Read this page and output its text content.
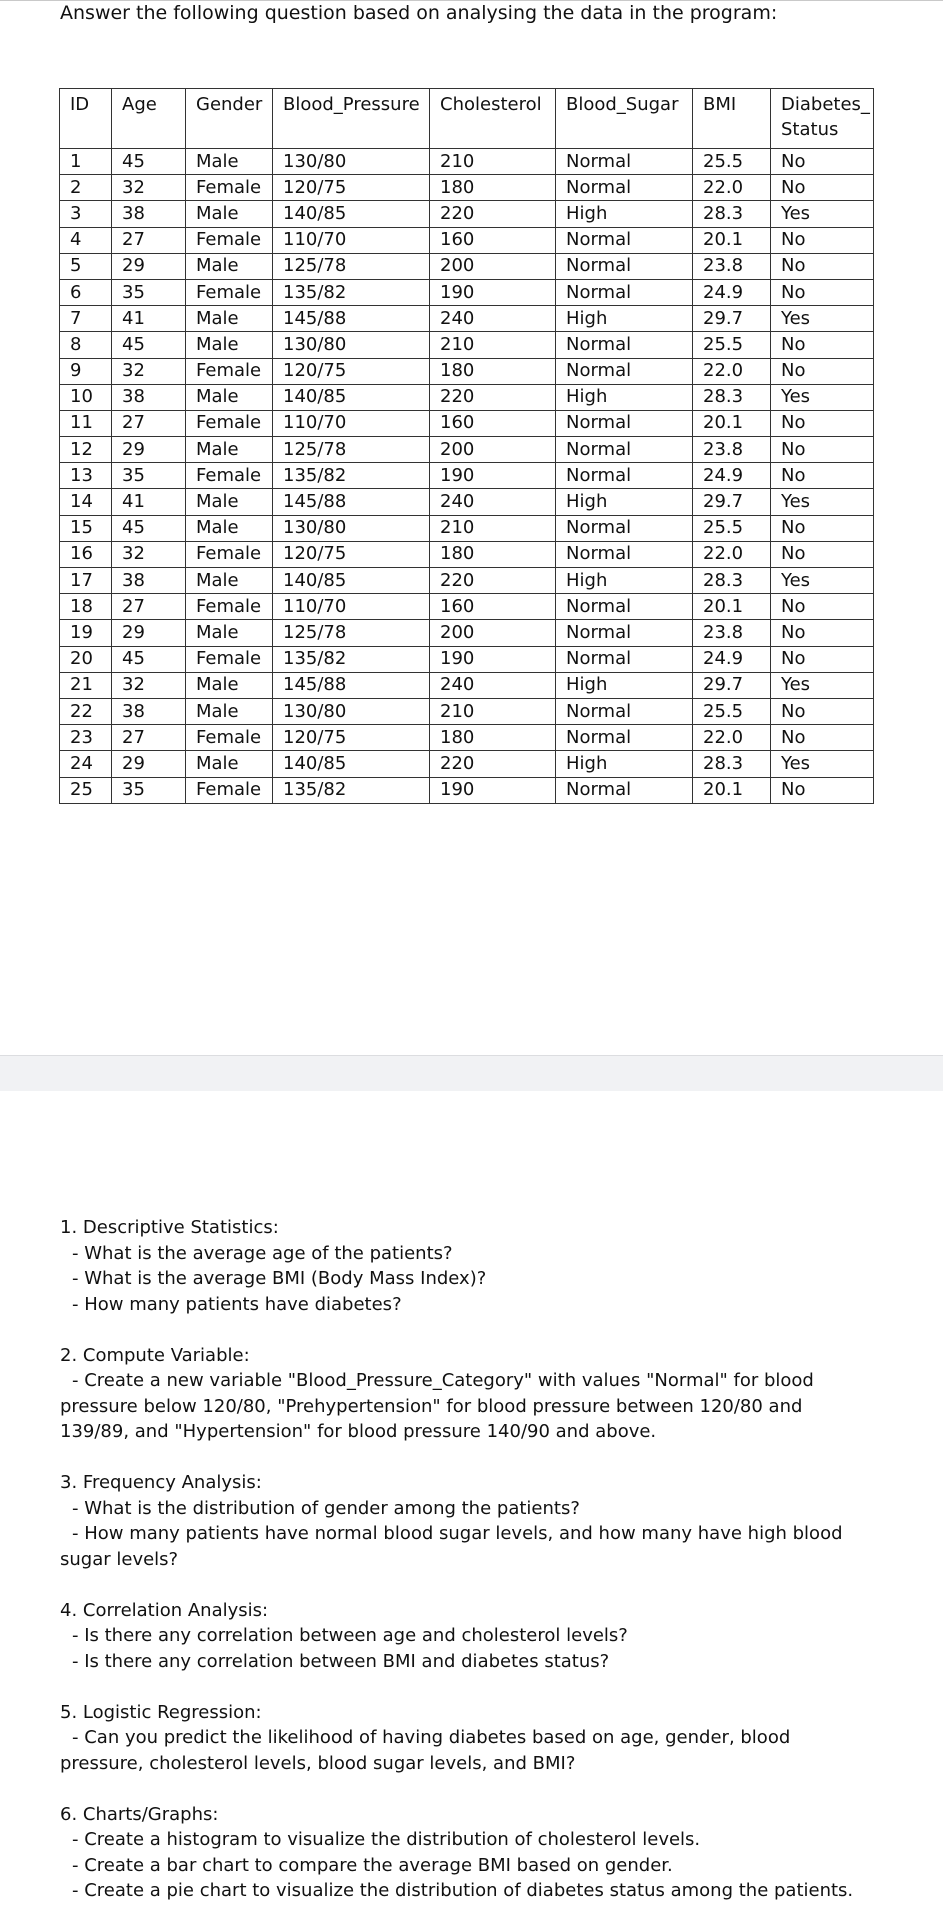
Answer the following question based on analysing the data in the program:
ID	Age	Gender	Blood_Pressure	Cholesterol	Blood_Sugar	BMI	Diabetes_ Status
1	45	Male	130/80	210	Normal	25.5	No
2	32	Female	120/75	180	Normal	22.0	No
3	38	Male	140/85	220	High	28.3	Yes
4	27	Female	110/70	160	Normal	20.1	No
5	29	Male	125/78	200	Normal	23.8	No
6	35	Female	135/82	190	Normal	24.9	No
7	41	Male	145/88	240	High	29.7	Yes
8	45	Male	130/80	210	Normal	25.5	No
9	32	Female	120/75	180	Normal	22.0	No
10	38	Male	140/85	220	High	28.3	Yes
11	27	Female	110/70	160	Normal	20.1	No
12	29	Male	125/78	200	Normal	23.8	No
13	35	Female	135/82	190	Normal	24.9	No
14	41	Male	145/88	240	High	29.7	Yes
15	45	Male	130/80	210	Normal	25.5	No
16	32	Female	120/75	180	Normal	22.0	No
17	38	Male	140/85	220	High	28.3	Yes
18	27	Female	110/70	160	Normal	20.1	No
19	29	Male	125/78	200	Normal	23.8	No
20	45	Female	135/82	190	Normal	24.9	No
21	32	Male	145/88	240	High	29.7	Yes
22	38	Male	130/80	210	Normal	25.5	No
23	27	Female	120/75	180	Normal	22.0	No
24	29	Male	140/85	220	High	28.3	Yes
25	35	Female	135/82	190	Normal	20.1	No
1. Descriptive Statistics:
- What is the average age of the patients?
- What is the average BMI (Body Mass Index)?
- How many patients have diabetes?
2. Compute Variable:
- Create a new variable "Blood_Pressure_Category" with values "Normal" for blood pressure below 120/80, "Prehypertension" for blood pressure between 120/80 and 139/89, and "Hypertension" for blood pressure 140/90 and above.
3. Frequency Analysis:
- What is the distribution of gender among the patients?
- How many patients have normal blood sugar levels, and how many have high blood sugar levels?
4. Correlation Analysis:
- Is there any correlation between age and cholesterol levels?
- Is there any correlation between BMI and diabetes status?
5. Logistic Regression:
- Can you predict the likelihood of having diabetes based on age, gender, blood pressure, cholesterol levels, blood sugar levels, and BMI?
6. Charts/Graphs:
- Create a histogram to visualize the distribution of cholesterol levels.
- Create a bar chart to compare the average BMI based on gender.
- Create a pie chart to visualize the distribution of diabetes status among the patients.
